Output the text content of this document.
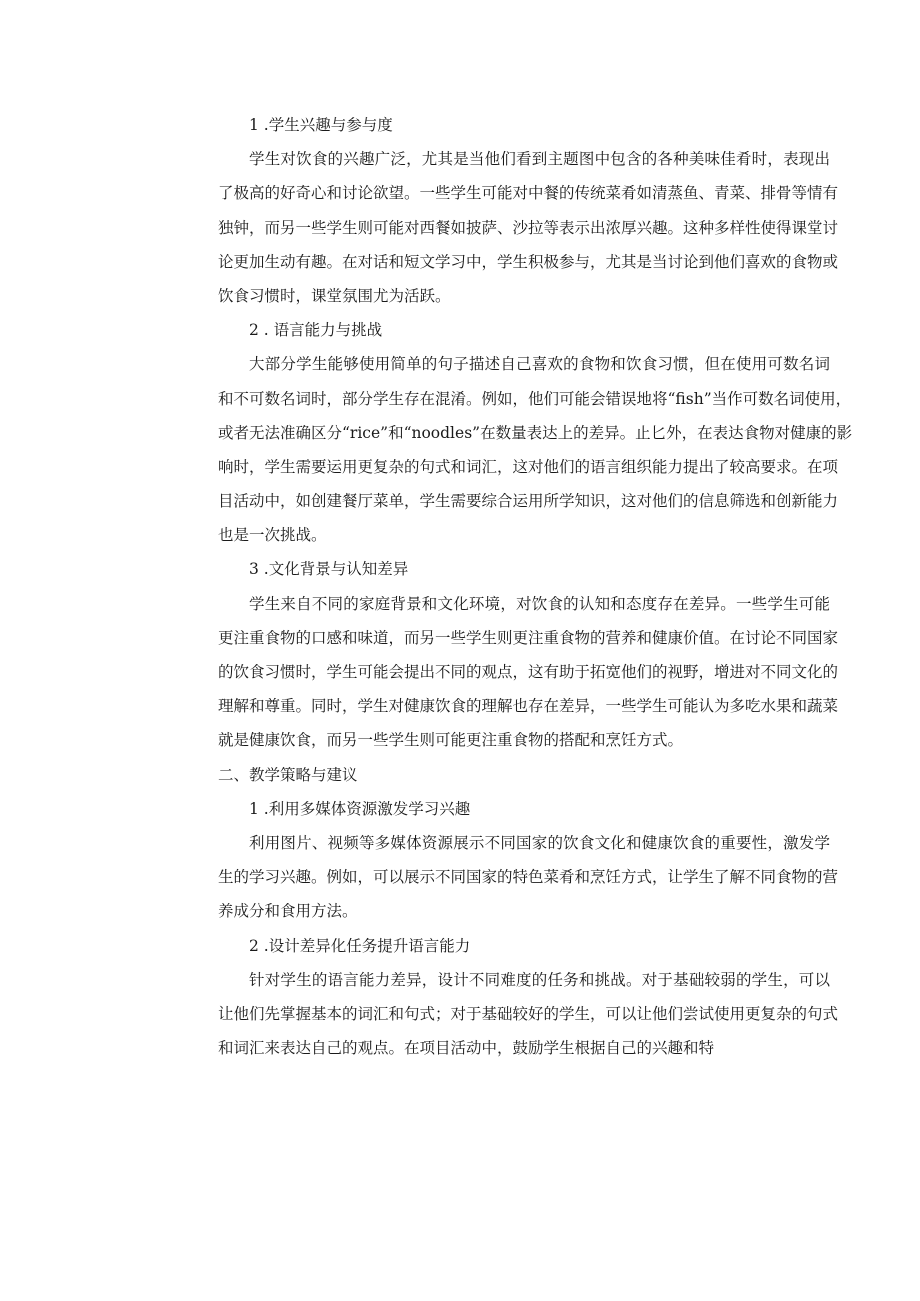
1 .学生兴趣与参与度
学生对饮食的兴趣广泛，尤其是当他们看到主题图中包含的各种美味佳肴时，表现出
了极高的好奇心和讨论欲望。一些学生可能对中餐的传统菜肴如清蒸鱼、青菜、排骨等情有
独钟，而另一些学生则可能对西餐如披萨、沙拉等表示出浓厚兴趣。这种多样性使得课堂讨
论更加生动有趣。在对话和短文学习中，学生积极参与，尤其是当讨论到他们喜欢的食物或
饮食习惯时，课堂氛围尤为活跃。
2 . 语言能力与挑战
大部分学生能够使用简单的句子描述自己喜欢的食物和饮食习惯，但在使用可数名词
和不可数名词时，部分学生存在混淆。例如，他们可能会错误地将“fish”当作可数名词使用，
或者无法准确区分“rice”和“noodles”在数量表达上的差异。止匕外，在表达食物对健康的影
响时，学生需要运用更复杂的句式和词汇，这对他们的语言组织能力提出了较高要求。在项
目活动中，如创建餐厅菜单，学生需要综合运用所学知识，这对他们的信息筛选和创新能力
也是一次挑战。
3 .文化背景与认知差异
学生来自不同的家庭背景和文化环境，对饮食的认知和态度存在差异。一些学生可能
更注重食物的口感和味道，而另一些学生则更注重食物的营养和健康价值。在讨论不同国家
的饮食习惯时，学生可能会提出不同的观点，这有助于拓宽他们的视野，增进对不同文化的
理解和尊重。同时，学生对健康饮食的理解也存在差异，一些学生可能认为多吃水果和蔬菜
就是健康饮食，而另一些学生则可能更注重食物的搭配和烹饪方式。
二、教学策略与建议
1 .利用多媒体资源激发学习兴趣
利用图片、视频等多媒体资源展示不同国家的饮食文化和健康饮食的重要性，激发学
生的学习兴趣。例如，可以展示不同国家的特色菜肴和烹饪方式，让学生了解不同食物的营
养成分和食用方法。
2 .设计差异化任务提升语言能力
针对学生的语言能力差异，设计不同难度的任务和挑战。对于基础较弱的学生，可以
让他们先掌握基本的词汇和句式；对于基础较好的学生，可以让他们尝试使用更复杂的句式
和词汇来表达自己的观点。在项目活动中，鼓励学生根据自己的兴趣和特
